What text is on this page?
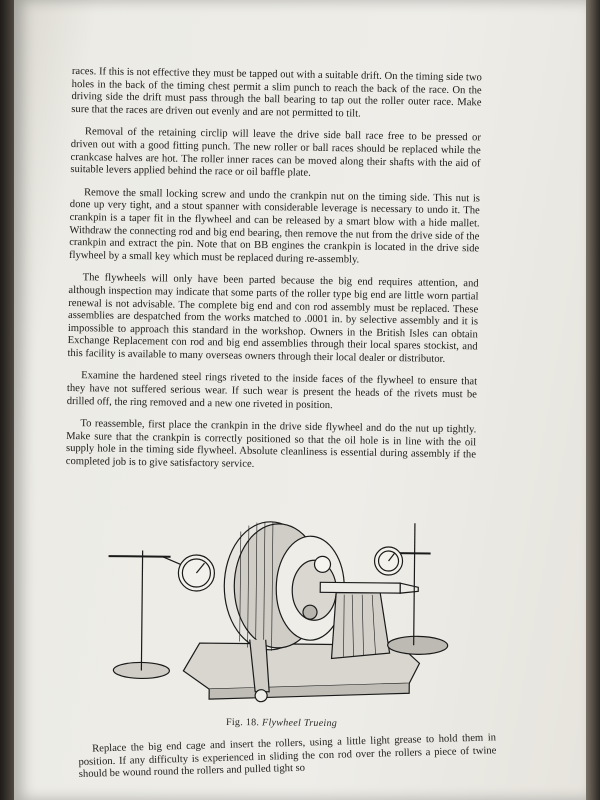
races. If this is not effective they must be tapped out with a suitable drift. On the timing side two holes in the back of the timing chest permit a slim punch to reach the back of the race. On the driving side the drift must pass through the ball bearing to tap out the roller outer race. Make sure that the races are driven out evenly and are not permitted to tilt.

Removal of the retaining circlip will leave the drive side ball race free to be pressed or driven out with a good fitting punch. The new roller or ball races should be replaced while the crankcase halves are hot. The roller inner races can be moved along their shafts with the aid of suitable levers applied behind the race or oil baffle plate.

Remove the small locking screw and undo the crankpin nut on the timing side. This nut is done up very tight, and a stout spanner with considerable leverage is necessary to undo it. The crankpin is a taper fit in the flywheel and can be released by a smart blow with a hide mallet. Withdraw the connecting rod and big end bearing, then remove the nut from the drive side of the crankpin and extract the pin. Note that on BB engines the crankpin is located in the drive side flywheel by a small key which must be replaced during re-assembly.

The flywheels will only have been parted because the big end requires attention, and although inspection may indicate that some parts of the roller type big end are little worn partial renewal is not advisable. The complete big end and con rod assembly must be replaced. These assemblies are despatched from the works matched to .0001 in. by selective assembly and it is impossible to approach this standard in the workshop. Owners in the British Isles can obtain Exchange Replacement con rod and big end assemblies through their local spares stockist, and this facility is available to many overseas owners through their local dealer or distributor.

Examine the hardened steel rings riveted to the inside faces of the flywheel to ensure that they have not suffered serious wear. If such wear is present the heads of the rivets must be drilled off, the ring removed and a new one riveted in position.

To reassemble, first place the crankpin in the drive side flywheel and do the nut up tightly. Make sure that the crankpin is correctly positioned so that the oil hole is in line with the oil supply hole in the timing side flywheel. Absolute cleanliness is essential during assembly if the completed job is to give satisfactory service.

Fig. 18. Flywheel Trueing

Replace the big end cage and insert the rollers, using a little light grease to hold them in position. If any difficulty is experienced in sliding the con rod over the rollers a piece of twine should be wound round the rollers and pulled tight so
